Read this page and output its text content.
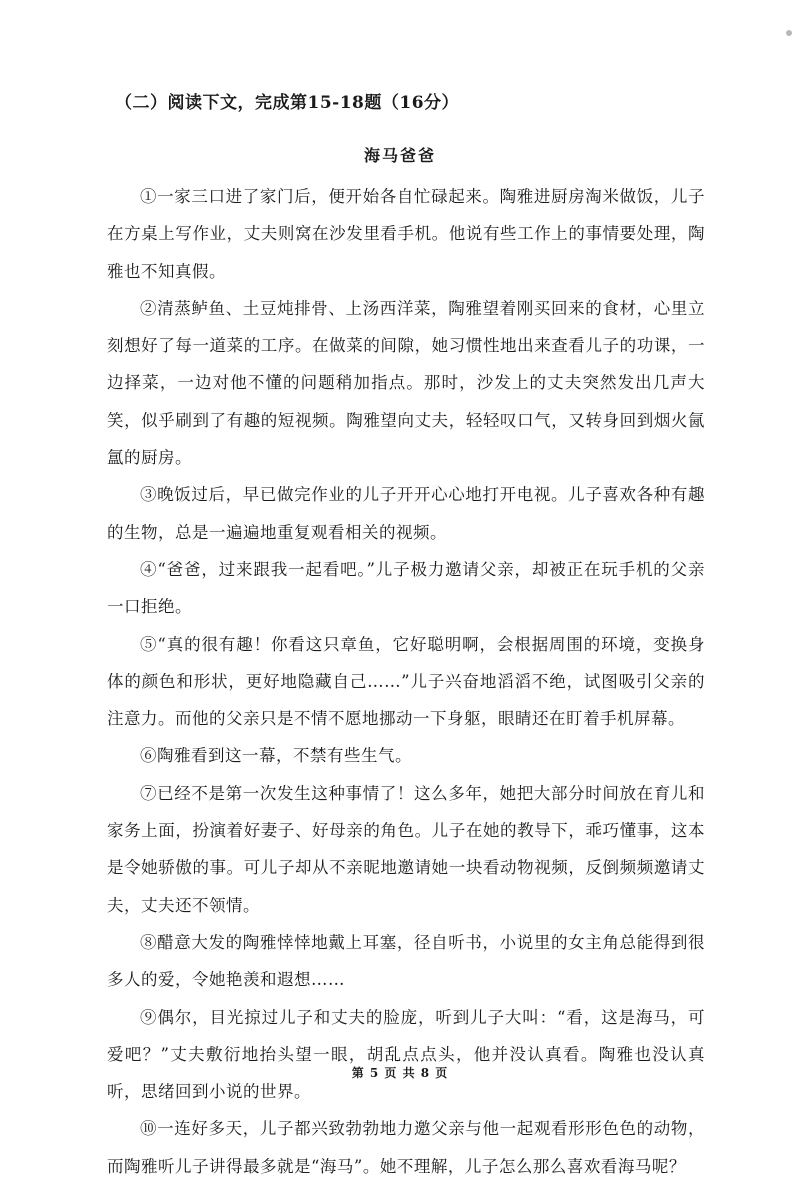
（二）阅读下文，完成第15-18题（16分）
海马爸爸

①一家三口进了家门后，便开始各自忙碌起来。陶雅进厨房淘米做饭，儿子在方桌上写作业，丈夫则窝在沙发里看手机。他说有些工作上的事情要处理，陶雅也不知真假。

②清蒸鲈鱼、土豆炖排骨、上汤西洋菜，陶雅望着刚买回来的食材，心里立刻想好了每一道菜的工序。在做菜的间隙，她习惯性地出来查看儿子的功课，一边择菜，一边对他不懂的问题稍加指点。那时，沙发上的丈夫突然发出几声大笑，似乎刷到了有趣的短视频。陶雅望向丈夫，轻轻叹口气，又转身回到烟火氤氲的厨房。

③晚饭过后，早已做完作业的儿子开开心心地打开电视。儿子喜欢各种有趣的生物，总是一遍遍地重复观看相关的视频。

④“爸爸，过来跟我一起看吧。”儿子极力邀请父亲，却被正在玩手机的父亲一口拒绝。

⑤“真的很有趣！你看这只章鱼，它好聪明啊，会根据周围的环境，变换身体的颜色和形状，更好地隐藏自己……”儿子兴奋地滔滔不绝，试图吸引父亲的注意力。而他的父亲只是不情不愿地挪动一下身躯，眼睛还在盯着手机屏幕。

⑥陶雅看到这一幕，不禁有些生气。

⑦已经不是第一次发生这种事情了！这么多年，她把大部分时间放在育儿和家务上面，扮演着好妻子、好母亲的角色。儿子在她的教导下，乖巧懂事，这本是令她骄傲的事。可儿子却从不亲昵地邀请她一块看动物视频，反倒频频邀请丈夫，丈夫还不领情。

⑧醋意大发的陶雅悻悻地戴上耳塞，径自听书，小说里的女主角总能得到很多人的爱，令她艳羡和遐想……

⑨偶尔，目光掠过儿子和丈夫的脸庞，听到儿子大叫：“看，这是海马，可爱吧？”丈夫敷衍地抬头望一眼，胡乱点点头，他并没认真看。陶雅也没认真听，思绪回到小说的世界。

⑩一连好多天，儿子都兴致勃勃地力邀父亲与他一起观看形形色色的动物，而陶雅听儿子讲得最多就是“海马”。她不理解，儿子怎么那么喜欢看海马呢？

第 5 页 共 8 页
